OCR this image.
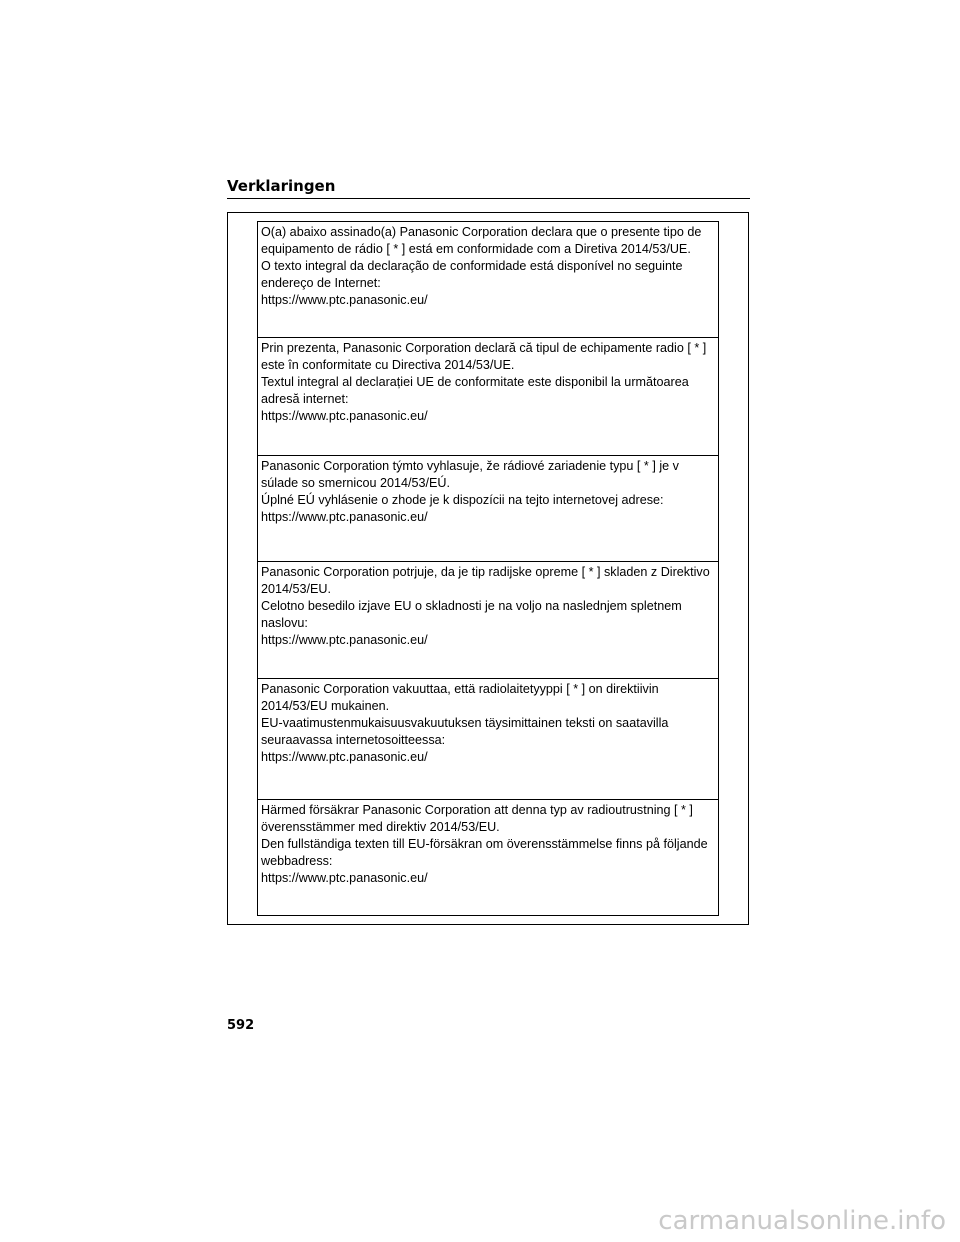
Verklaringen

O(a) abaixo assinado(a) Panasonic Corporation declara que o presente tipo de equipamento de rádio [ * ] está em conformidade com a Diretiva 2014/53/UE.

O texto integral da declaração de conformidade está disponível no seguinte endereço de Internet:

https://www.ptc.panasonic.eu/

Prin prezenta, Panasonic Corporation declară că tipul de echipamente radio [ * ] este în conformitate cu Directiva 2014/53/UE.

Textul integral al declarației UE de conformitate este disponibil la următoarea adresă internet:

https://www.ptc.panasonic.eu/

Panasonic Corporation týmto vyhlasuje, že rádiové zariadenie typu [ * ] je v súlade so smernicou 2014/53/EÚ.

Úplné EÚ vyhlásenie o zhode je k dispozícii na tejto internetovej adrese:

https://www.ptc.panasonic.eu/

Panasonic Corporation potrjuje, da je tip radijske opreme [ * ] skladen z Direktivo 2014/53/EU.

Celotno besedilo izjave EU o skladnosti je na voljo na naslednjem spletnem naslovu:

https://www.ptc.panasonic.eu/

Panasonic Corporation vakuuttaa, että radiolaitetyyppi [ * ] on direktiivin 2014/53/EU mukainen.

EU-vaatimustenmukaisuusvakuutuksen täysimittainen teksti on saatavilla seuraavassa internetosoitteessa:

https://www.ptc.panasonic.eu/

Härmed försäkrar Panasonic Corporation att denna typ av radioutrustning [ * ] överensstämmer med direktiv 2014/53/EU.

Den fullständiga texten till EU-försäkran om överensstämmelse finns på följande webbadress:

https://www.ptc.panasonic.eu/

592
carmanualsonline.info
